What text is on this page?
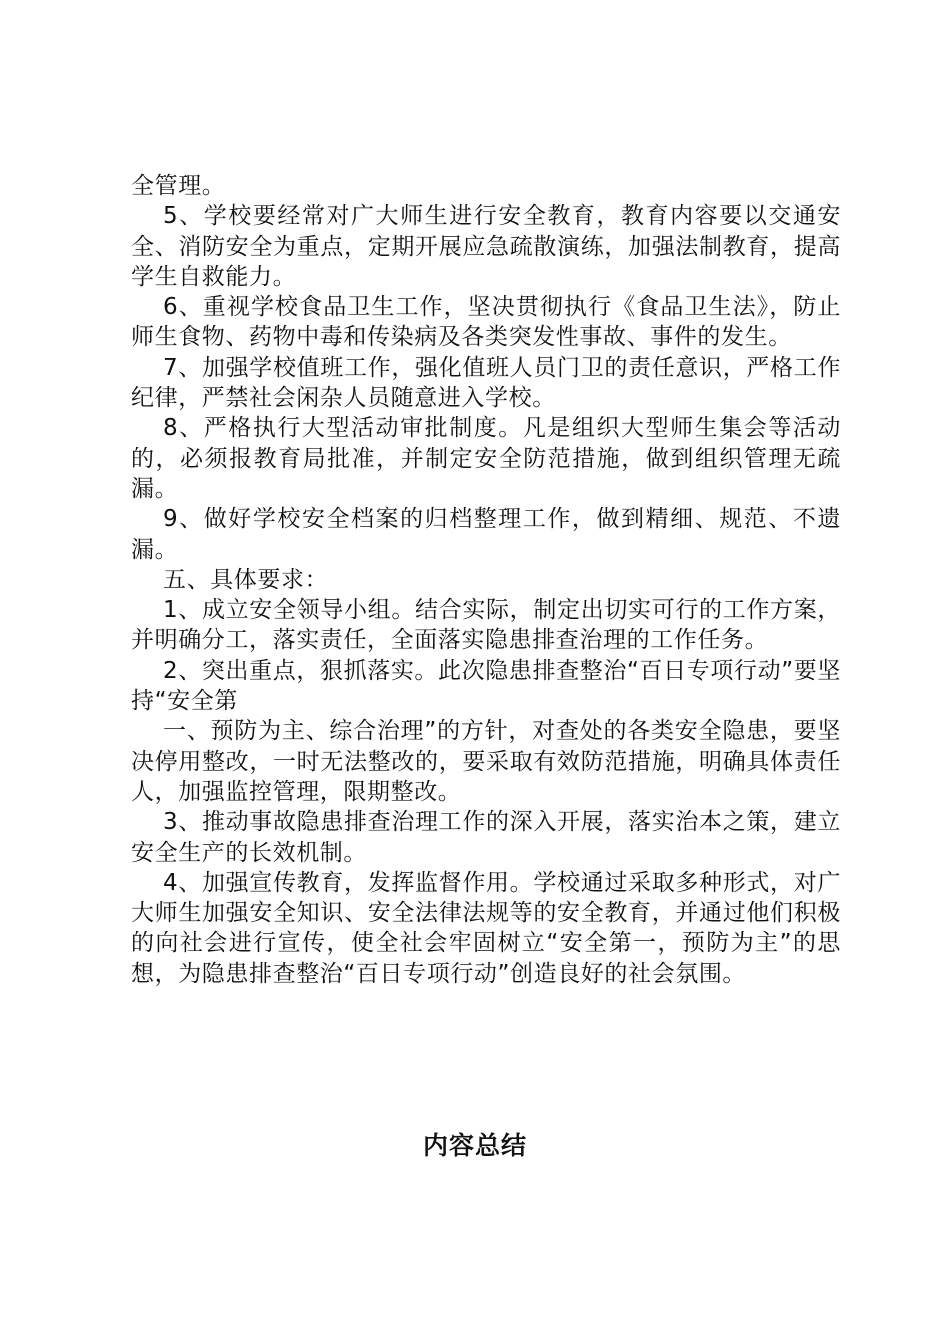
全管理。

5、学校要经常对广大师生进行安全教育，教育内容要以交通安全、消防安全为重点，定期开展应急疏散演练，加强法制教育，提高学生自救能力。

6、重视学校食品卫生工作，坚决贯彻执行《食品卫生法》，防止师生食物、药物中毒和传染病及各类突发性事故、事件的发生。

7、加强学校值班工作，强化值班人员门卫的责任意识，严格工作纪律，严禁社会闲杂人员随意进入学校。

8、严格执行大型活动审批制度。凡是组织大型师生集会等活动的，必须报教育局批准，并制定安全防范措施，做到组织管理无疏漏。

9、做好学校安全档案的归档整理工作，做到精细、规范、不遗漏。

五、具体要求：

1、成立安全领导小组。结合实际，制定出切实可行的工作方案，并明确分工，落实责任，全面落实隐患排查治理的工作任务。

2、突出重点，狠抓落实。此次隐患排查整治“百日专项行动”要坚持“安全第

一、预防为主、综合治理”的方针，对查处的各类安全隐患，要坚决停用整改，一时无法整改的，要采取有效防范措施，明确具体责任人，加强监控管理，限期整改。

3、推动事故隐患排查治理工作的深入开展，落实治本之策，建立安全生产的长效机制。

4、加强宣传教育，发挥监督作用。学校通过采取多种形式，对广大师生加强安全知识、安全法律法规等的安全教育，并通过他们积极的向社会进行宣传，使全社会牢固树立“安全第一，预防为主”的思想，为隐患排查整治“百日专项行动”创造良好的社会氛围。

内容总结
